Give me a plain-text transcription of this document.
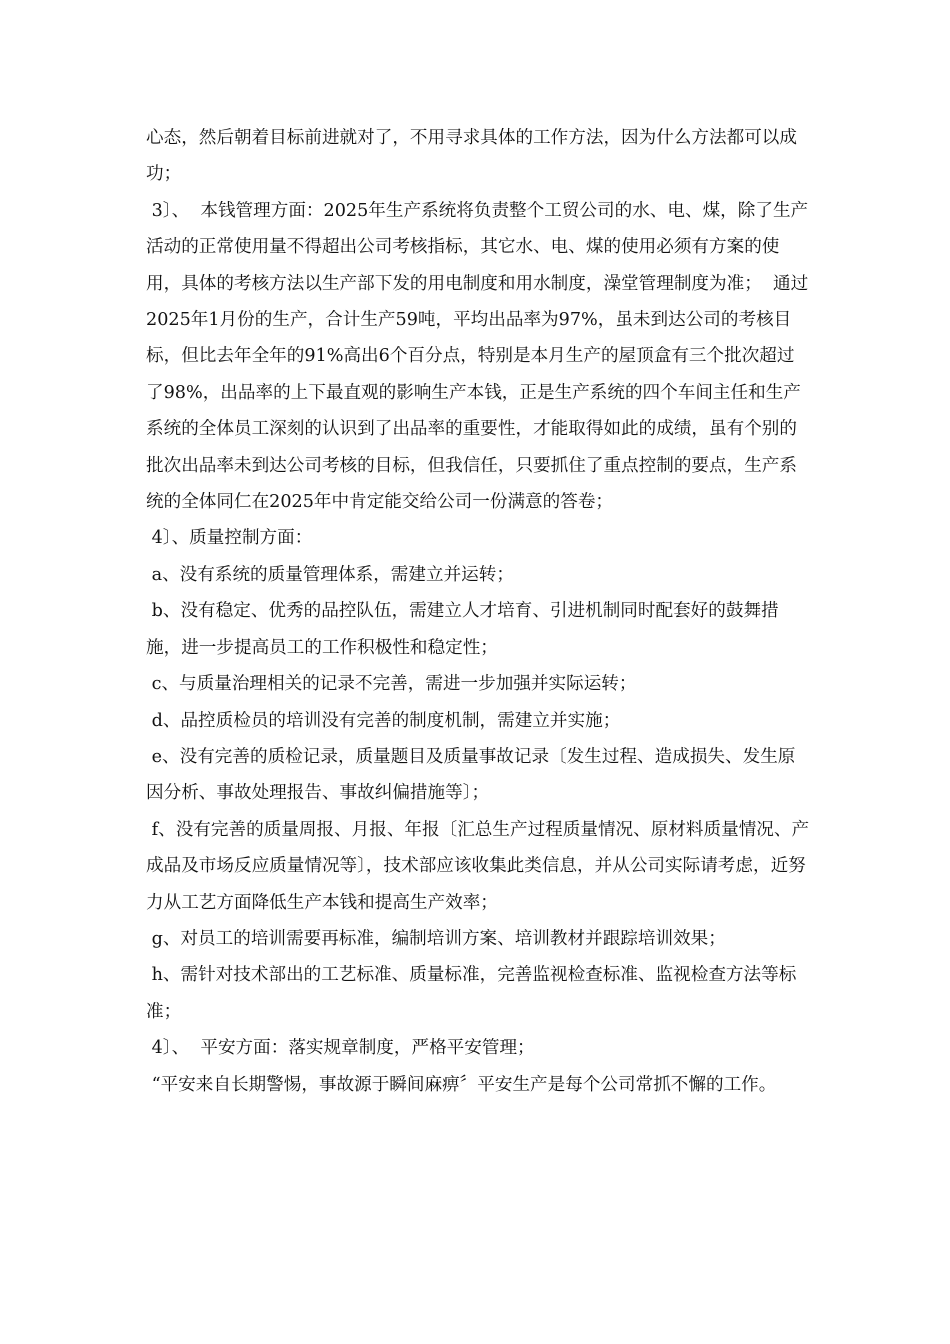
心态，然后朝着目标前进就对了，不用寻求具体的工作方法，因为什么方法都可以成功；

3〕、  本钱管理方面：2025年生产系统将负责整个工贸公司的水、电、煤，除了生产活动的正常使用量不得超出公司考核指标，其它水、电、煤的使用必须有方案的使用，具体的考核方法以生产部下发的用电制度和用水制度，澡堂管理制度为准；  通过2025年1月份的生产，合计生产59吨，平均出品率为97%，虽未到达公司的考核目标，但比去年全年的91%高出6个百分点，特别是本月生产的屋顶盒有三个批次超过了98%，出品率的上下最直观的影响生产本钱，正是生产系统的四个车间主任和生产系统的全体员工深刻的认识到了出品率的重要性，才能取得如此的成绩，虽有个别的批次出品率未到达公司考核的目标，但我信任，只要抓住了重点控制的要点，生产系统的全体同仁在2025年中肯定能交给公司一份满意的答卷；

4〕、质量控制方面：

a、没有系统的质量管理体系，需建立并运转；

b、没有稳定、优秀的品控队伍，需建立人才培育、引进机制同时配套好的鼓舞措施，进一步提高员工的工作积极性和稳定性；

c、与质量治理相关的记录不完善，需进一步加强并实际运转；

d、品控质检员的培训没有完善的制度机制，需建立并实施；

e、没有完善的质检记录，质量题目及质量事故记录〔发生过程、造成损失、发生原因分析、事故处理报告、事故纠偏措施等〕；

f、没有完善的质量周报、月报、年报〔汇总生产过程质量情况、原材料质量情况、产成品及市场反应质量情况等〕，技术部应该收集此类信息，并从公司实际请考虑，近努力从工艺方面降低生产本钱和提高生产效率；

g、对员工的培训需要再标准，编制培训方案、培训教材并跟踪培训效果；

h、需针对技术部出的工艺标准、质量标准，完善监视检查标准、监视检查方法等标准；

4〕、  平安方面：落实规章制度，严格平安管理；

“平安来自长期警惕，事故源于瞬间麻痹〞平安生产是每个公司常抓不懈的工作。
